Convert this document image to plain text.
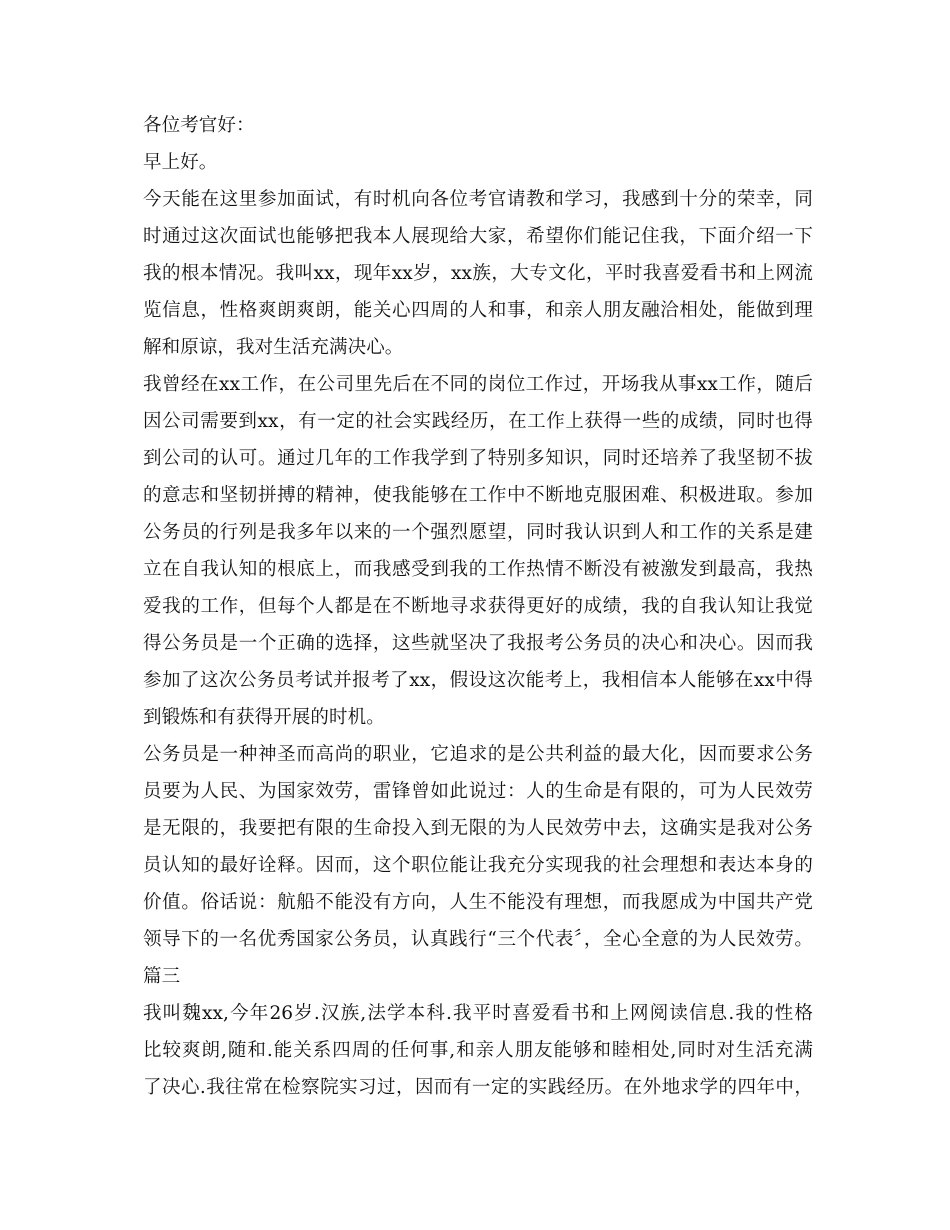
各位考官好：
早上好。
今天能在这里参加面试，有时机向各位考官请教和学习，我感到十分的荣幸，同
时通过这次面试也能够把我本人展现给大家，希望你们能记住我，下面介绍一下
我的根本情况。我叫xx，现年xx岁，xx族，大专文化，平时我喜爱看书和上网流
览信息，性格爽朗爽朗，能关心四周的人和事，和亲人朋友融洽相处，能做到理
解和原谅，我对生活充满决心。
我曾经在xx工作，在公司里先后在不同的岗位工作过，开场我从事xx工作，随后
因公司需要到xx，有一定的社会实践经历，在工作上获得一些的成绩，同时也得
到公司的认可。通过几年的工作我学到了特别多知识，同时还培养了我坚韧不拔
的意志和坚韧拼搏的精神，使我能够在工作中不断地克服困难、积极进取。参加
公务员的行列是我多年以来的一个强烈愿望，同时我认识到人和工作的关系是建
立在自我认知的根底上，而我感受到我的工作热情不断没有被激发到最高，我热
爱我的工作，但每个人都是在不断地寻求获得更好的成绩，我的自我认知让我觉
得公务员是一个正确的选择，这些就坚决了我报考公务员的决心和决心。因而我
参加了这次公务员考试并报考了xx，假设这次能考上，我相信本人能够在xx中得
到锻炼和有获得开展的时机。
公务员是一种神圣而高尚的职业，它追求的是公共利益的最大化，因而要求公务
员要为人民、为国家效劳，雷锋曾如此说过：人的生命是有限的，可为人民效劳
是无限的，我要把有限的生命投入到无限的为人民效劳中去，这确实是我对公务
员认知的最好诠释。因而，这个职位能让我充分实现我的社会理想和表达本身的
价值。俗话说：航船不能没有方向，人生不能没有理想，而我愿成为中国共产党
领导下的一名优秀国家公务员，认真践行“三个代表〞，全心全意的为人民效劳。
篇三
我叫魏xx,今年26岁.汉族,法学本科.我平时喜爱看书和上网阅读信息.我的性格
比较爽朗,随和.能关系四周的任何事,和亲人朋友能够和睦相处,同时对生活充满
了决心.我往常在检察院实习过，因而有一定的实践经历。在外地求学的四年中，
